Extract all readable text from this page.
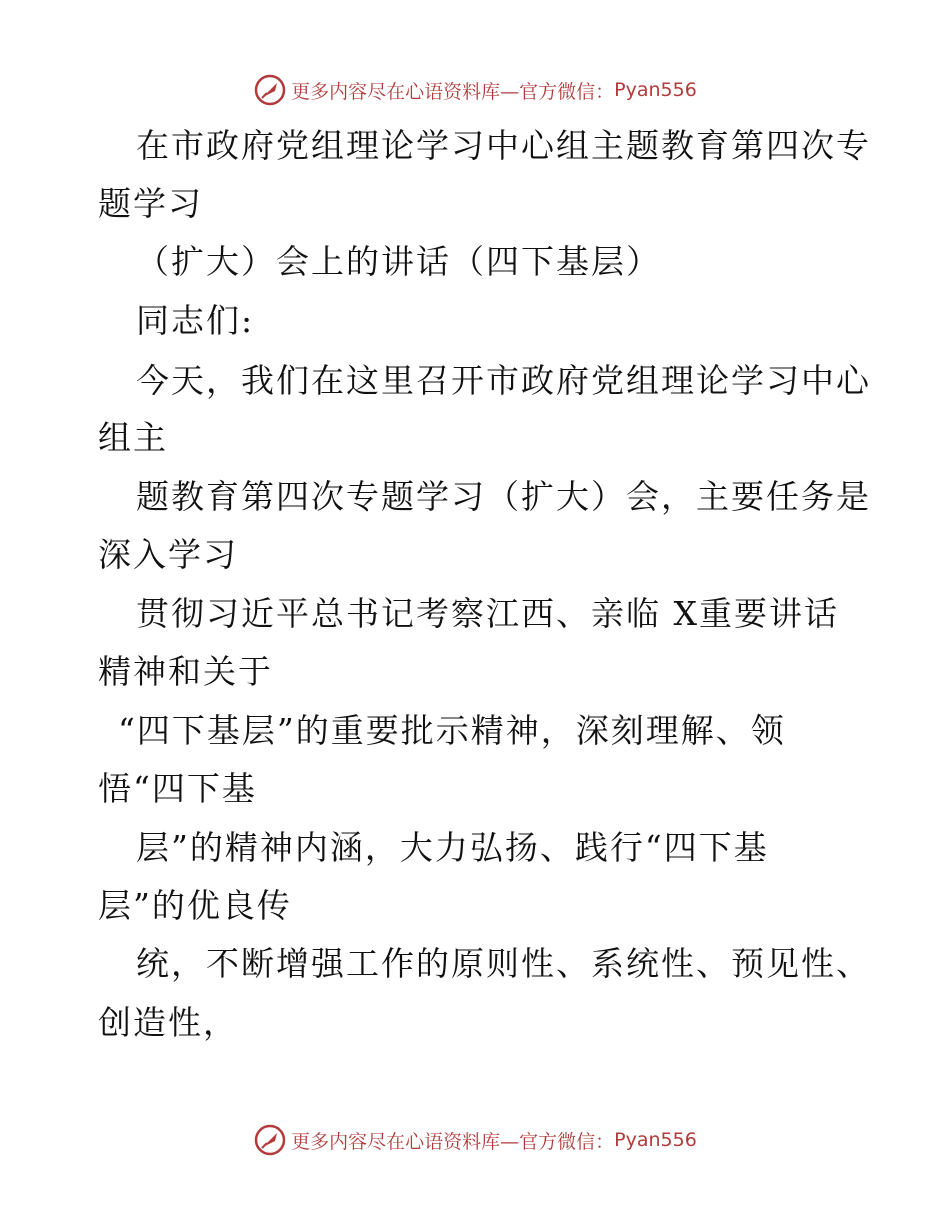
更多内容尽在心语资料库—官方微信： Pyan556
在市政府党组理论学习中心组主题教育第四次专
题学习
（扩大）会上的讲话（四下基层）
同志们:
今天，我们在这里召开市政府党组理论学习中心
组主
题教育第四次专题学习（扩大）会，主要任务是
深入学习
贯彻习近平总书记考察江西、亲临 X重要讲话
精神和关于
“四下基层”的重要批示精神，深刻理解、领
悟“四下基
层”的精神内涵，大力弘扬、践行“四下基
层”的优良传
统，不断增强工作的原则性、系统性、预见性、
创造性，
更多内容尽在心语资料库—官方微信： Pyan556
